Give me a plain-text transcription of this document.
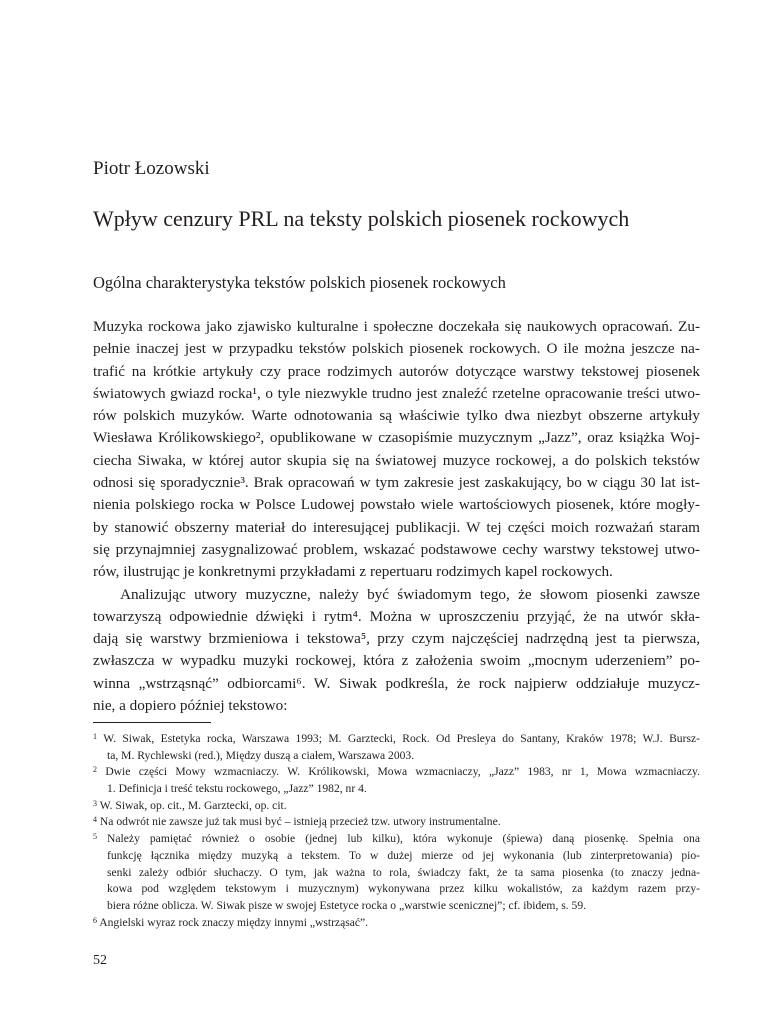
Piotr Łozowski
Wpływ cenzury PRL na teksty polskich piosenek rockowych
Ogólna charakterystyka tekstów polskich piosenek rockowych
Muzyka rockowa jako zjawisko kulturalne i społeczne doczekała się naukowych opracowań. Zu-
pełnie inaczej jest w przypadku tekstów polskich piosenek rockowych. O ile można jeszcze na-
trafić na krótkie artykuły czy prace rodzimych autorów dotyczące warstwy tekstowej piosenek
światowych gwiazd rocka¹, o tyle niezwykle trudno jest znaleźć rzetelne opracowanie treści utwo-
rów polskich muzyków. Warte odnotowania są właściwie tylko dwa niezbyt obszerne artykuły
Wiesława Królikowskiego², opublikowane w czasopiśmie muzycznym „Jazz”, oraz książka Woj-
ciecha Siwaka, w której autor skupia się na światowej muzyce rockowej, a do polskich tekstów
odnosi się sporadycznie³. Brak opracowań w tym zakresie jest zaskakujący, bo w ciągu 30 lat ist-
nienia polskiego rocka w Polsce Ludowej powstało wiele wartościowych piosenek, które mogły-
by stanowić obszerny materiał do interesującej publikacji. W tej części moich rozważań staram
się przynajmniej zasygnalizować problem, wskazać podstawowe cechy warstwy tekstowej utwo-
rów, ilustrując je konkretnymi przykładami z repertuaru rodzimych kapel rockowych.
Analizując utwory muzyczne, należy być świadomym tego, że słowom piosenki zawsze
towarzyszą odpowiednie dźwięki i rytm⁴. Można w uproszczeniu przyjąć, że na utwór skła-
dają się warstwy brzmieniowa i tekstowa⁵, przy czym najczęściej nadrzędną jest ta pierwsza,
zwłaszcza w wypadku muzyki rockowej, która z założenia swoim „mocnym uderzeniem” po-
winna „wstrząsnąć” odbiorcami⁶. W. Siwak podkreśla, że rock najpierw oddziałuje muzycz-
nie, a dopiero później tekstowo:
$^1$ W. Siwak, Estetyka rocka, Warszawa 1993; M. Garztecki, Rock. Od Presleya do Santany, Kraków 1978; W.J. Bursz-
ta, M. Rychlewski (red.), Między duszą a ciałem, Warszawa 2003.
$^2$ Dwie części Mowy wzmacniaczy. W. Królikowski, Mowa wzmacniaczy, „Jazz” 1983, nr 1, Mowa wzmacniaczy.
1. Definicja i treść tekstu rockowego, „Jazz” 1982, nr 4.
$^3$ W. Siwak, op. cit., M. Garztecki, op. cit.
$^4$ Na odwrót nie zawsze już tak musi być – istnieją przecież tzw. utwory instrumentalne.
$^5$ Należy pamiętać również o osobie (jednej lub kilku), która wykonuje (śpiewa) daną piosenkę. Spełnia ona
funkcję łącznika między muzyką a tekstem. To w dużej mierze od jej wykonania (lub zinterpretowania) pio-
senki zależy odbiór słuchaczy. O tym, jak ważna to rola, świadczy fakt, że ta sama piosenka (to znaczy jedna-
kowa pod względem tekstowym i muzycznym) wykonywana przez kilku wokalistów, za każdym razem przy-
biera różne oblicza. W. Siwak pisze w swojej Estetyce rocka o „warstwie scenicznej”; cf. ibidem, s. 59.
$^6$ Angielski wyraz rock znaczy między innymi „wstrząsać”.
52
